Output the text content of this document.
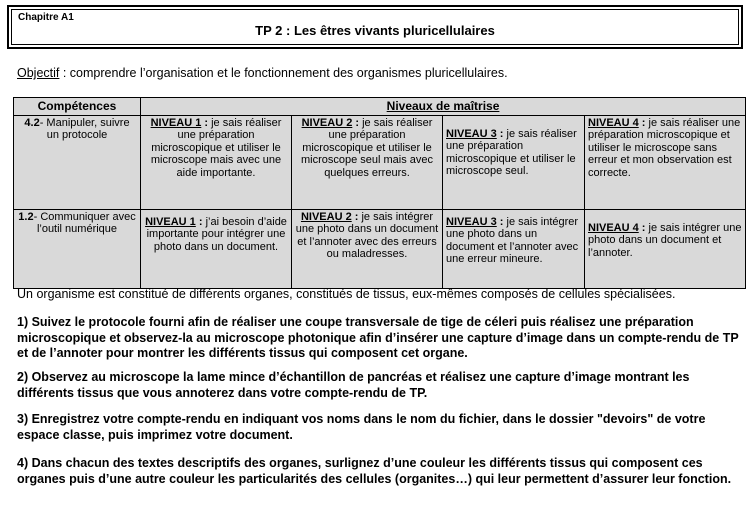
Chapitre A1
TP 2 : Les êtres vivants pluricellulaires
Objectif : comprendre l’organisation et le fonctionnement des organismes pluricellulaires.
Compétences	Niveaux de maîtrise			
4.2- Manipuler, suivre un protocole	NIVEAU 1 : je sais réaliser une préparation microscopique et utiliser le microscope mais avec une aide importante.	NIVEAU 2 : je sais réaliser une préparation microscopique et utiliser le microscope seul mais avec quelques erreurs.	NIVEAU 3 : je sais réaliser une préparation microscopique et utiliser le microscope seul.	NIVEAU 4 : je sais réaliser une préparation microscopique et utiliser le microscope sans erreur et mon observation est correcte.
1.2- Communiquer avec l’outil numérique	NIVEAU 1 : j’ai besoin d’aide importante pour intégrer une photo dans un document.	NIVEAU 2 : je sais intégrer une photo dans un document et l’annoter avec des erreurs ou maladresses.	NIVEAU 3 : je sais intégrer une photo dans un document et l’annoter avec une erreur mineure.	NIVEAU 4 : je sais intégrer une photo dans un document et l’annoter.
Un organisme est constitué de différents organes, constitués de tissus, eux-mêmes composés de cellules spécialisées.
1) Suivez le protocole fourni afin de réaliser une coupe transversale de tige de céleri puis réalisez une préparation microscopique et observez-la au microscope photonique afin d’insérer une capture d’image dans un compte-rendu de TP et de l’annoter pour montrer les différents tissus qui composent cet organe.
2) Observez au microscope la lame mince d’échantillon de pancréas et réalisez une capture d’image montrant les différents tissus que vous annoterez dans votre compte-rendu de TP.
3) Enregistrez votre compte-rendu en indiquant vos noms dans le nom du fichier, dans le dossier "devoirs" de votre espace classe, puis imprimez votre document.
4) Dans chacun des textes descriptifs des organes, surlignez d’une couleur les différents tissus qui composent ces organes puis d’une autre couleur les particularités des cellules (organites…) qui leur permettent d’assurer leur fonction.
